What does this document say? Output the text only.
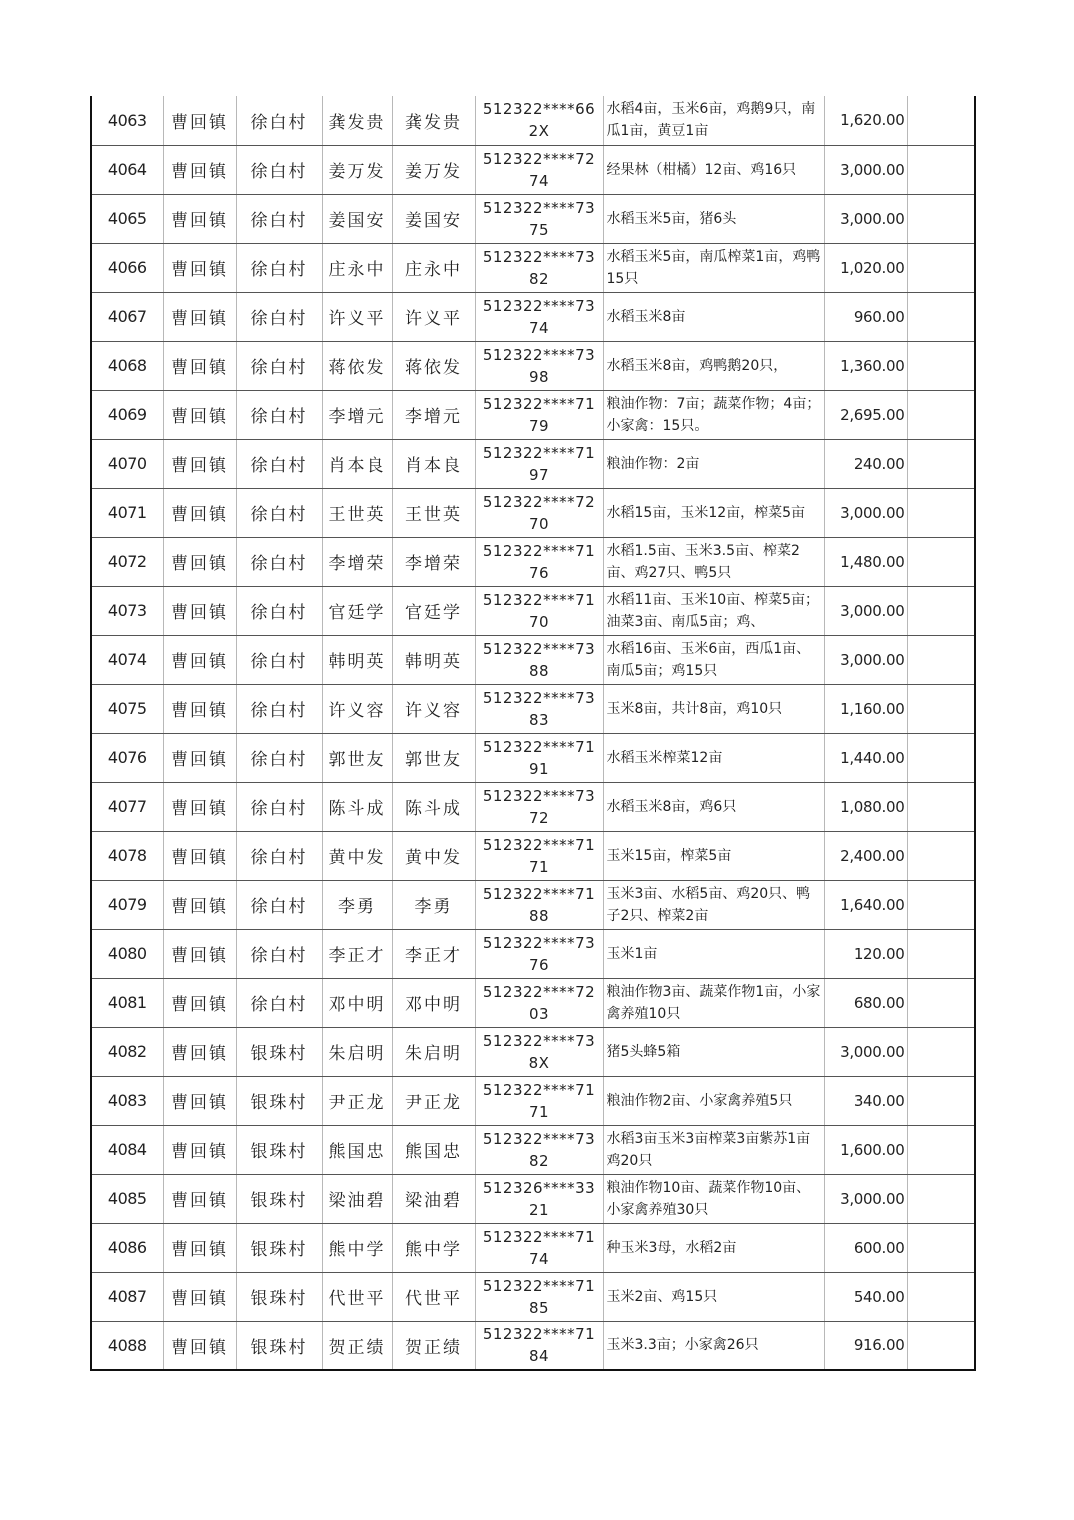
4063	曹回镇	徐白村	龚发贵	龚发贵	512322****662X	水稻4亩，玉米6亩，鸡鹅9只，南瓜1亩，黄豆1亩	1,620.00	
4064	曹回镇	徐白村	姜万发	姜万发	512322****7274	经果林（柑橘）12亩、鸡16只	3,000.00	
4065	曹回镇	徐白村	姜国安	姜国安	512322****7375	水稻玉米5亩，猪6头	3,000.00	
4066	曹回镇	徐白村	庄永中	庄永中	512322****7382	水稻玉米5亩，南瓜榨菜1亩，鸡鸭15只	1,020.00	
4067	曹回镇	徐白村	许义平	许义平	512322****7374	水稻玉米8亩	960.00	
4068	曹回镇	徐白村	蒋依发	蒋依发	512322****7398	水稻玉米8亩，鸡鸭鹅20只，	1,360.00	
4069	曹回镇	徐白村	李增元	李增元	512322****7179	粮油作物：7亩；蔬菜作物；4亩；小家禽：15只。	2,695.00	
4070	曹回镇	徐白村	肖本良	肖本良	512322****7197	粮油作物：2亩	240.00	
4071	曹回镇	徐白村	王世英	王世英	512322****7270	水稻15亩，玉米12亩，榨菜5亩	3,000.00	
4072	曹回镇	徐白村	李增荣	李增荣	512322****7176	水稻1.5亩、玉米3.5亩、榨菜2亩、鸡27只、鸭5只	1,480.00	
4073	曹回镇	徐白村	官廷学	官廷学	512322****7170	水稻11亩、玉米10亩、榨菜5亩；油菜3亩、南瓜5亩；鸡、	3,000.00	
4074	曹回镇	徐白村	韩明英	韩明英	512322****7388	水稻16亩、玉米6亩，西瓜1亩、南瓜5亩；鸡15只	3,000.00	
4075	曹回镇	徐白村	许义容	许义容	512322****7383	玉米8亩，共计8亩，鸡10只	1,160.00	
4076	曹回镇	徐白村	郭世友	郭世友	512322****7191	水稻玉米榨菜12亩	1,440.00	
4077	曹回镇	徐白村	陈斗成	陈斗成	512322****7372	水稻玉米8亩，鸡6只	1,080.00	
4078	曹回镇	徐白村	黄中发	黄中发	512322****7171	玉米15亩，榨菜5亩	2,400.00	
4079	曹回镇	徐白村	李勇	李勇	512322****7188	玉米3亩、水稻5亩、鸡20只、鸭子2只、榨菜2亩	1,640.00	
4080	曹回镇	徐白村	李正才	李正才	512322****7376	玉米1亩	120.00	
4081	曹回镇	徐白村	邓中明	邓中明	512322****7203	粮油作物3亩、蔬菜作物1亩，小家禽养殖10只	680.00	
4082	曹回镇	银珠村	朱启明	朱启明	512322****738X	猪5头蜂5箱	3,000.00	
4083	曹回镇	银珠村	尹正龙	尹正龙	512322****7171	粮油作物2亩、小家禽养殖5只	340.00	
4084	曹回镇	银珠村	熊国忠	熊国忠	512322****7382	水稻3亩玉米3亩榨菜3亩紫苏1亩鸡20只	1,600.00	
4085	曹回镇	银珠村	梁油碧	梁油碧	512326****3321	粮油作物10亩、蔬菜作物10亩、小家禽养殖30只	3,000.00	
4086	曹回镇	银珠村	熊中学	熊中学	512322****7174	种玉米3母，水稻2亩	600.00	
4087	曹回镇	银珠村	代世平	代世平	512322****7185	玉米2亩、鸡15只	540.00	
4088	曹回镇	银珠村	贺正绩	贺正绩	512322****7184	玉米3.3亩；小家禽26只	916.00	
